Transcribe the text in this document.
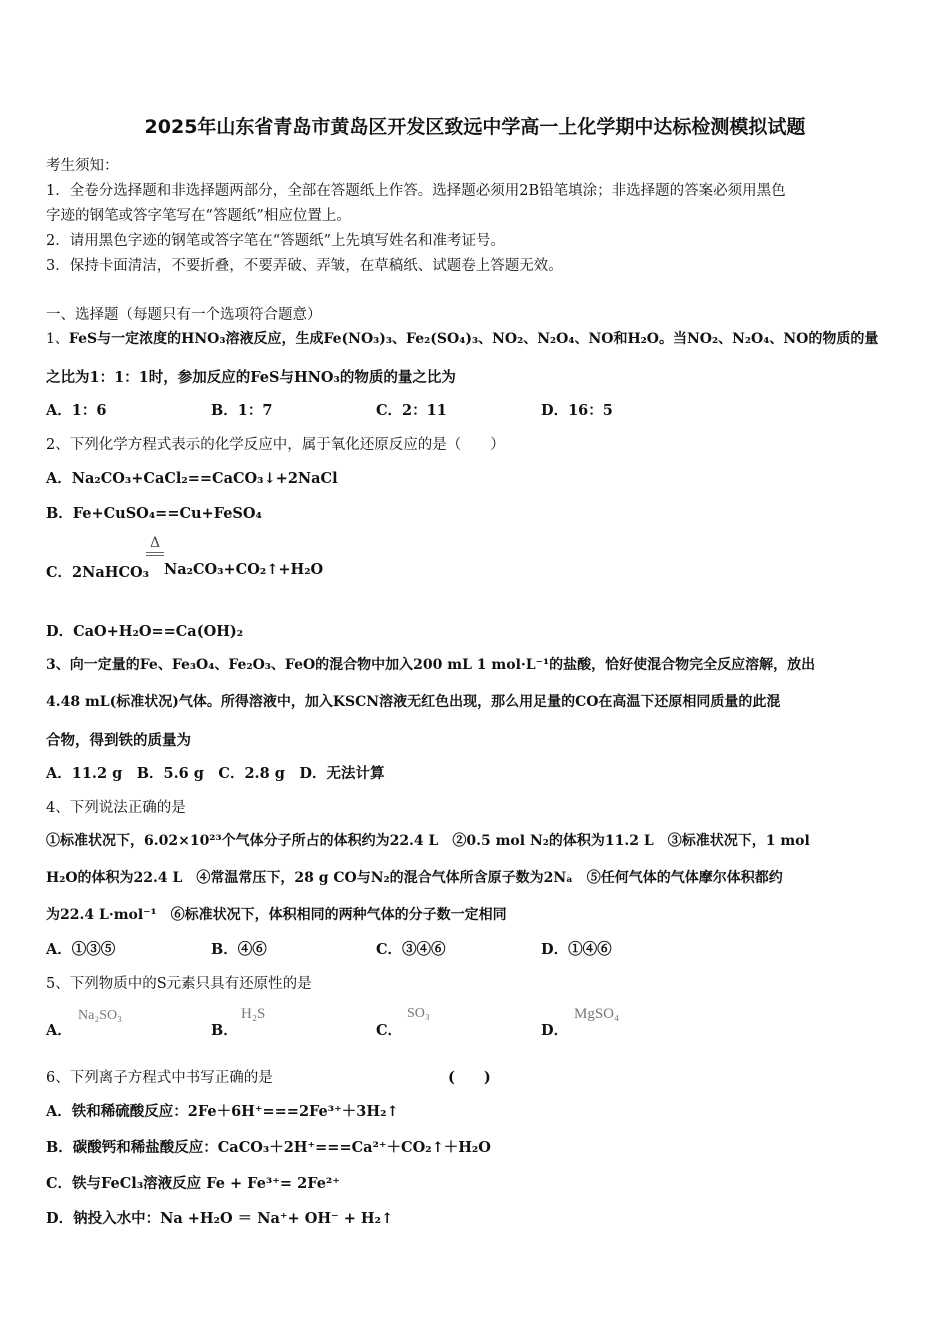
2025年山东省青岛市黄岛区开发区致远中学高一上化学期中达标检测模拟试题
考生须知：
1．全卷分选择题和非选择题两部分，全部在答题纸上作答。选择题必须用2B铅笔填涂；非选择题的答案必须用黑色
字迹的钢笔或答字笔写在“答题纸”相应位置上。
2．请用黑色字迹的钢笔或答字笔在“答题纸”上先填写姓名和准考证号。
3．保持卡面清洁，不要折叠，不要弄破、弄皱，在草稿纸、试题卷上答题无效。
一、选择题（每题只有一个选项符合题意）
1、FeS与一定浓度的HNO₃溶液反应，生成Fe(NO₃)₃、Fe₂(SO₄)₃、NO₂、N₂O₄、NO和H₂O。当NO₂、N₂O₄、NO的物质的量
之比为1：1：1时，参加反应的FeS与HNO₃的物质的量之比为
A．1：6	B．1：7	C．2：11	D．16：5
2、下列化学方程式表示的化学反应中，属于氧化还原反应的是（　　）
A．Na₂CO₃+CaCl₂==CaCO₃↓+2NaCl
B．Fe+CuSO₄==Cu+FeSO₄
C．2NaHCO₃
Δ
Na₂CO₃+CO₂↑+H₂O
D．CaO+H₂O==Ca(OH)₂
3、向一定量的Fe、Fe₃O₄、Fe₂O₃、FeO的混合物中加入200 mL 1 mol·L⁻¹的盐酸，恰好使混合物完全反应溶解，放出
4.48 mL(标准状况)气体。所得溶液中，加入KSCN溶液无红色出现，那么用足量的CO在高温下还原相同质量的此混
合物，得到铁的质量为
A．11.2 g　B．5.6 g　C．2.8 g　D．无法计算
4、下列说法正确的是
①标准状况下，6.02×10²³个气体分子所占的体积约为22.4 L　②0.5 mol N₂的体积为11.2 L　③标准状况下，1 mol
H₂O的体积为22.4 L　④常温常压下，28 g CO与N₂的混合气体所含原子数为2Nₐ　⑤任何气体的气体摩尔体积都约
为22.4 L·mol⁻¹　⑥标准状况下，体积相同的两种气体的分子数一定相同
A．①③⑤	B．④⑥	C．③④⑥	D．①④⑥
5、下列物质中的S元素只具有还原性的是
A．
Na₂SO₃
B．
H₂S
C．
SO₃
D．
MgSO₄
6、下列离子方程式中书写正确的是	(　　)
A．铁和稀硫酸反应：2Fe＋6H⁺===2Fe³⁺＋3H₂↑
B．碳酸钙和稀盐酸反应：CaCO₃＋2H⁺===Ca²⁺＋CO₂↑＋H₂O
C．铁与FeCl₃溶液反应 Fe + Fe³⁺= 2Fe²⁺
D．钠投入水中：Na +H₂O ＝ Na⁺+ OH⁻ + H₂↑
